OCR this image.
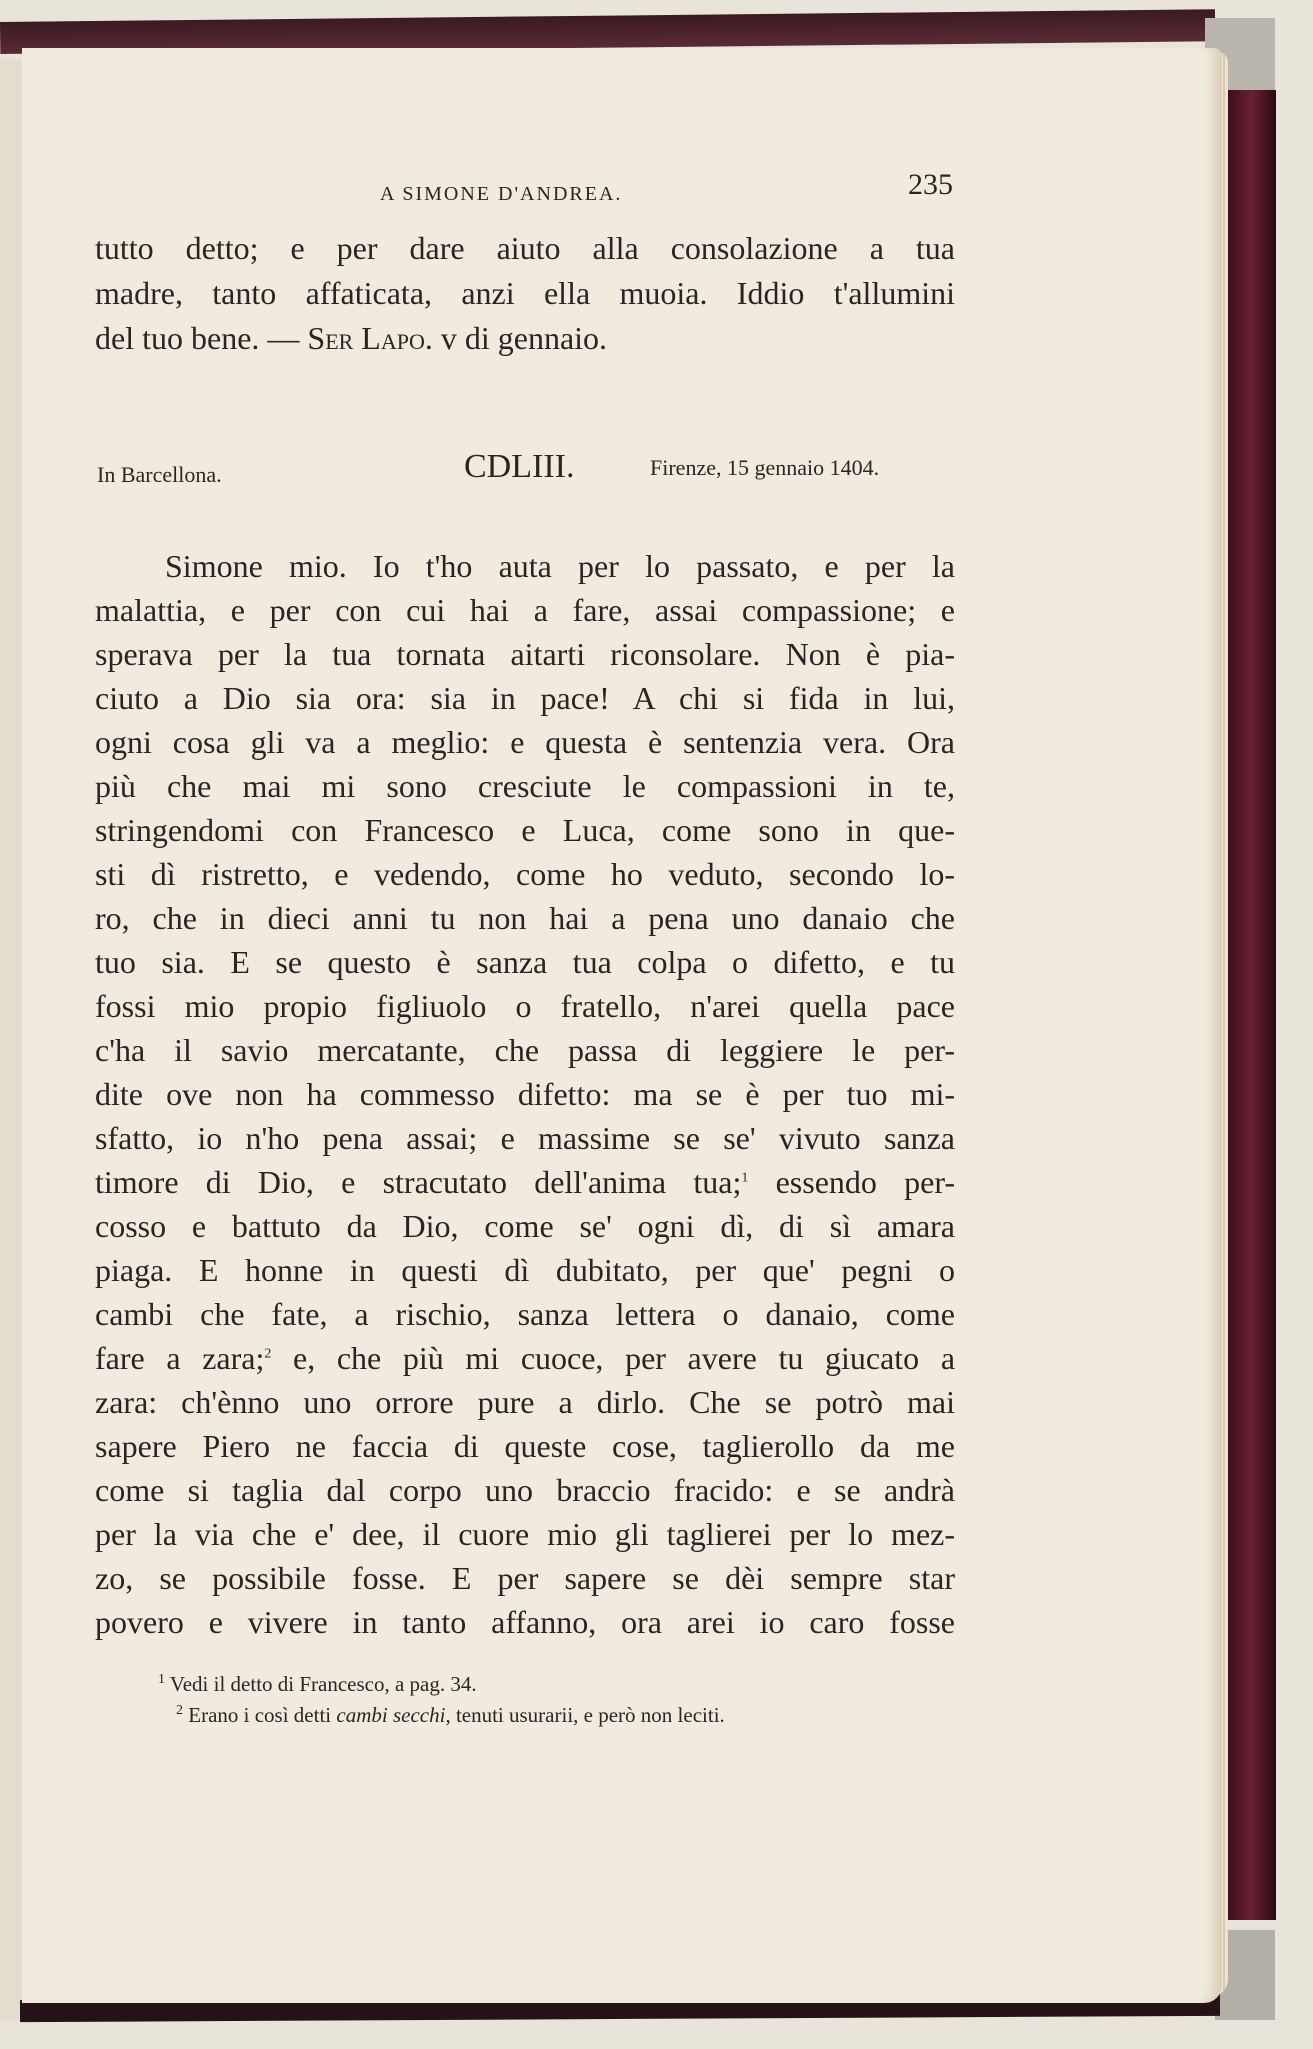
A SIMONE D'ANDREA.	235
tutto detto; e per dare aiuto alla consolazione a tua
madre, tanto affaticata, anzi ella muoia. Iddio t'allumini
del tuo bene. — Ser Lapo. v di gennaio.
In Barcellona.	CDLIII.	Firenze, 15 gennaio 1404.
Simone mio. Io t'ho auta per lo passato, e per la
malattia, e per con cui hai a fare, assai compassione; e
sperava per la tua tornata aitarti riconsolare. Non è pia-
ciuto a Dio sia ora: sia in pace! A chi si fida in lui,
ogni cosa gli va a meglio: e questa è sentenzia vera. Ora
più che mai mi sono cresciute le compassioni in te,
stringendomi con Francesco e Luca, come sono in que-
sti dì ristretto, e vedendo, come ho veduto, secondo lo-
ro, che in dieci anni tu non hai a pena uno danaio che
tuo sia. E se questo è sanza tua colpa o difetto, e tu
fossi mio propio figliuolo o fratello, n'arei quella pace
c'ha il savio mercatante, che passa di leggiere le per-
dite ove non ha commesso difetto: ma se è per tuo mi-
sfatto, io n'ho pena assai; e massime se se' vivuto sanza
timore di Dio, e stracutato dell'anima tua;$^1$ essendo per-
cosso e battuto da Dio, come se' ogni dì, di sì amara
piaga. E honne in questi dì dubitato, per que' pegni o
cambi che fate, a rischio, sanza lettera o danaio, come
fare a zara;$^2$ e, che più mi cuoce, per avere tu giucato a
zara: ch'ènno uno orrore pure a dirlo. Che se potrò mai
sapere Piero ne faccia di queste cose, taglierollo da me
come si taglia dal corpo uno braccio fracido: e se andrà
per la via che e' dee, il cuore mio gli taglierei per lo mez-
zo, se possibile fosse. E per sapere se dèi sempre star
povero e vivere in tanto affanno, ora arei io caro fosse
$^1$ Vedi il detto di Francesco, a pag. 34.
$^2$ Erano i così detti cambi secchi, tenuti usurarii, e però non leciti.
